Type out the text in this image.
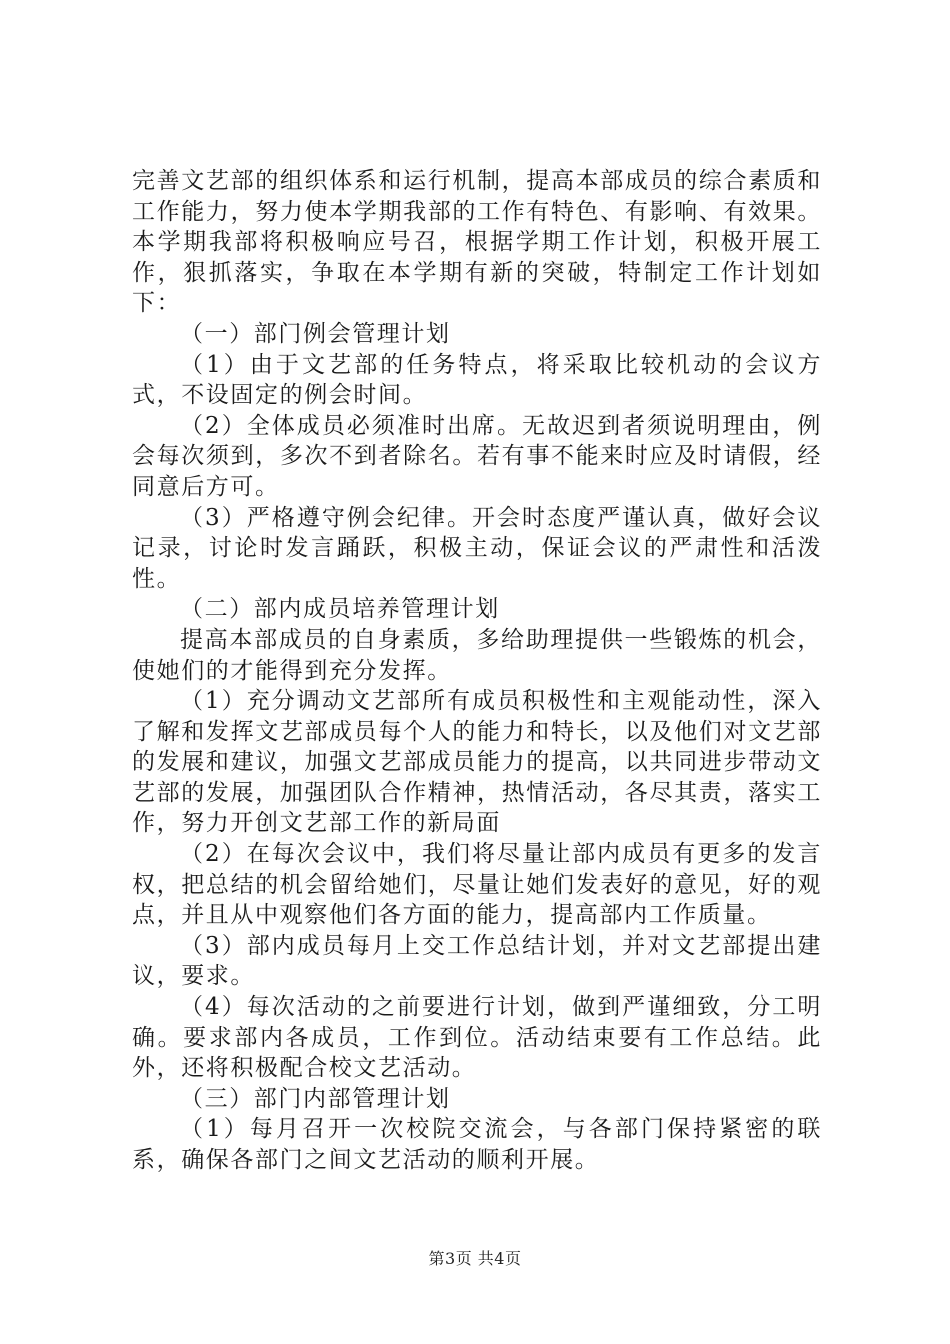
完善文艺部的组织体系和运行机制，提高本部成员的综合素质和工作能力，努力使本学期我部的工作有特色、有影响、有效果。本学期我部将积极响应号召，根据学期工作计划，积极开展工作，狠抓落实，争取在本学期有新的突破，特制定工作计划如下：

（一）部门例会管理计划

（1）由于文艺部的任务特点，将采取比较机动的会议方式，不设固定的例会时间。

（2）全体成员必须准时出席。无故迟到者须说明理由，例会每次须到，多次不到者除名。若有事不能来时应及时请假，经同意后方可。

（3）严格遵守例会纪律。开会时态度严谨认真，做好会议记录，讨论时发言踊跃，积极主动，保证会议的严肃性和活泼性。

（二）部内成员培养管理计划

提高本部成员的自身素质，多给助理提供一些锻炼的机会，使她们的才能得到充分发挥。

（1）充分调动文艺部所有成员积极性和主观能动性，深入了解和发挥文艺部成员每个人的能力和特长，以及他们对文艺部的发展和建议，加强文艺部成员能力的提高，以共同进步带动文艺部的发展，加强团队合作精神，热情活动，各尽其责，落实工作，努力开创文艺部工作的新局面

（2）在每次会议中，我们将尽量让部内成员有更多的发言权，把总结的机会留给她们，尽量让她们发表好的意见，好的观点，并且从中观察他们各方面的能力，提高部内工作质量。

（3）部内成员每月上交工作总结计划，并对文艺部提出建议，要求。

（4）每次活动的之前要进行计划，做到严谨细致，分工明确。要求部内各成员，工作到位。活动结束要有工作总结。此外，还将积极配合校文艺活动。

（三）部门内部管理计划

（1）每月召开一次校院交流会，与各部门保持紧密的联系，确保各部门之间文艺活动的顺利开展。

第3页 共4页
